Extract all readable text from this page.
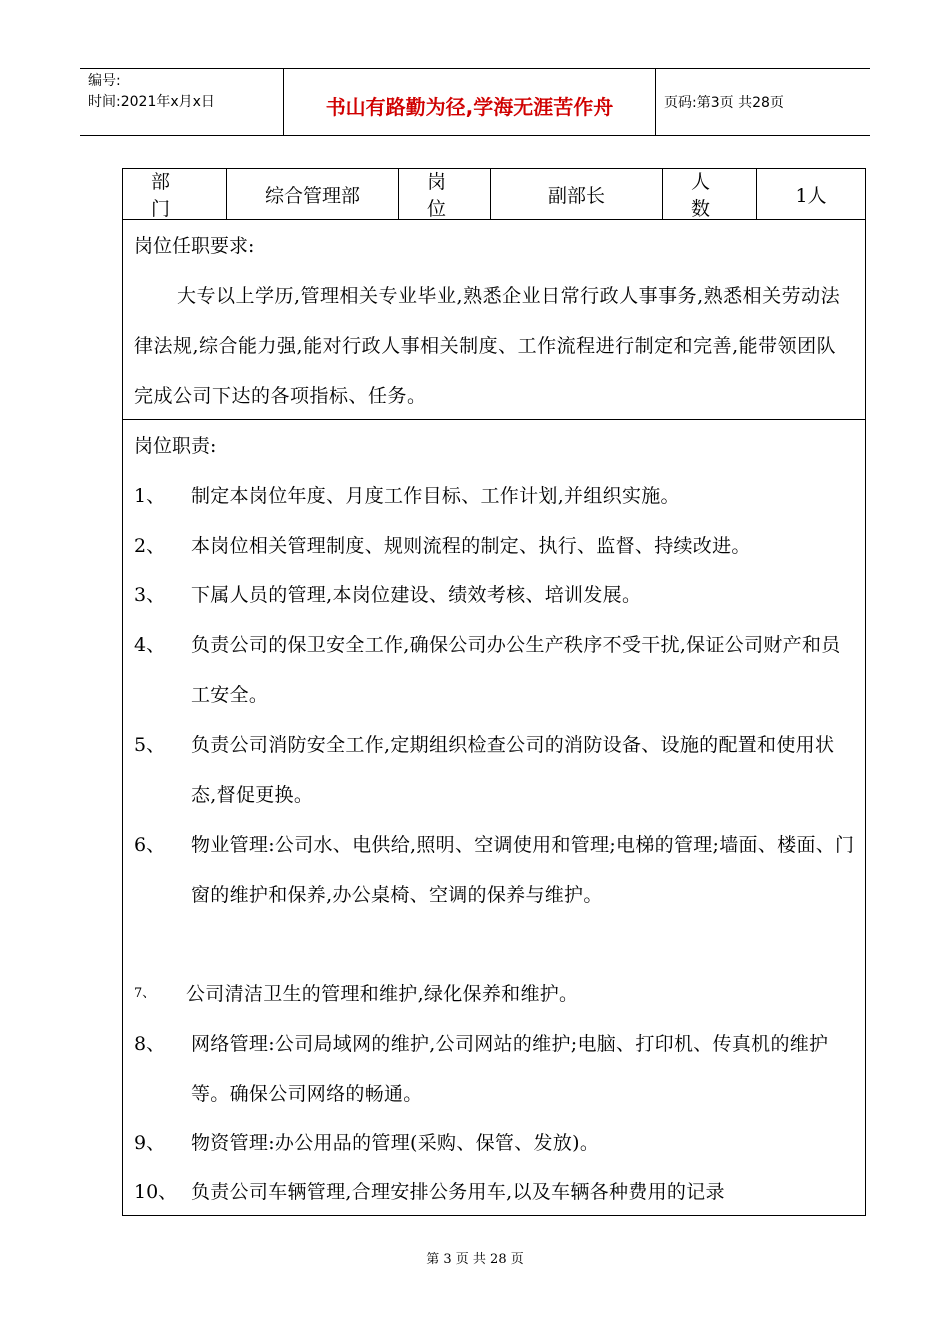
编号:
时间:2021年x月x日	书山有路勤为径,学海无涯苦作舟	页码:第3页 共28页
部门
综合管理部
岗位
副部长
人数
1人
岗位任职要求:
大专以上学历,管理相关专业毕业,熟悉企业日常行政人事事务,熟悉相关劳动法律法规,综合能力强,能对行政人事相关制度、工作流程进行制定和完善,能带领团队完成公司下达的各项指标、任务。
岗位职责:
1、 制定本岗位年度、月度工作目标、工作计划,并组织实施。
2、 本岗位相关管理制度、规则流程的制定、执行、监督、持续改进。
3、 下属人员的管理,本岗位建设、绩效考核、培训发展。
4、 负责公司的保卫安全工作,确保公司办公生产秩序不受干扰,保证公司财产和员工安全。
5、 负责公司消防安全工作,定期组织检查公司的消防设备、设施的配置和使用状态,督促更换。
6、 物业管理:公司水、电供给,照明、空调使用和管理;电梯的管理;墙面、楼面、门窗的维护和保养,办公桌椅、空调的保养与维护。
7、 公司清洁卫生的管理和维护,绿化保养和维护。
8、 网络管理:公司局域网的维护,公司网站的维护;电脑、打印机、传真机的维护等。确保公司网络的畅通。
9、 物资管理:办公用品的管理(采购、保管、发放)。
10、 负责公司车辆管理,合理安排公务用车,以及车辆各种费用的记录
第 3 页 共 28 页
